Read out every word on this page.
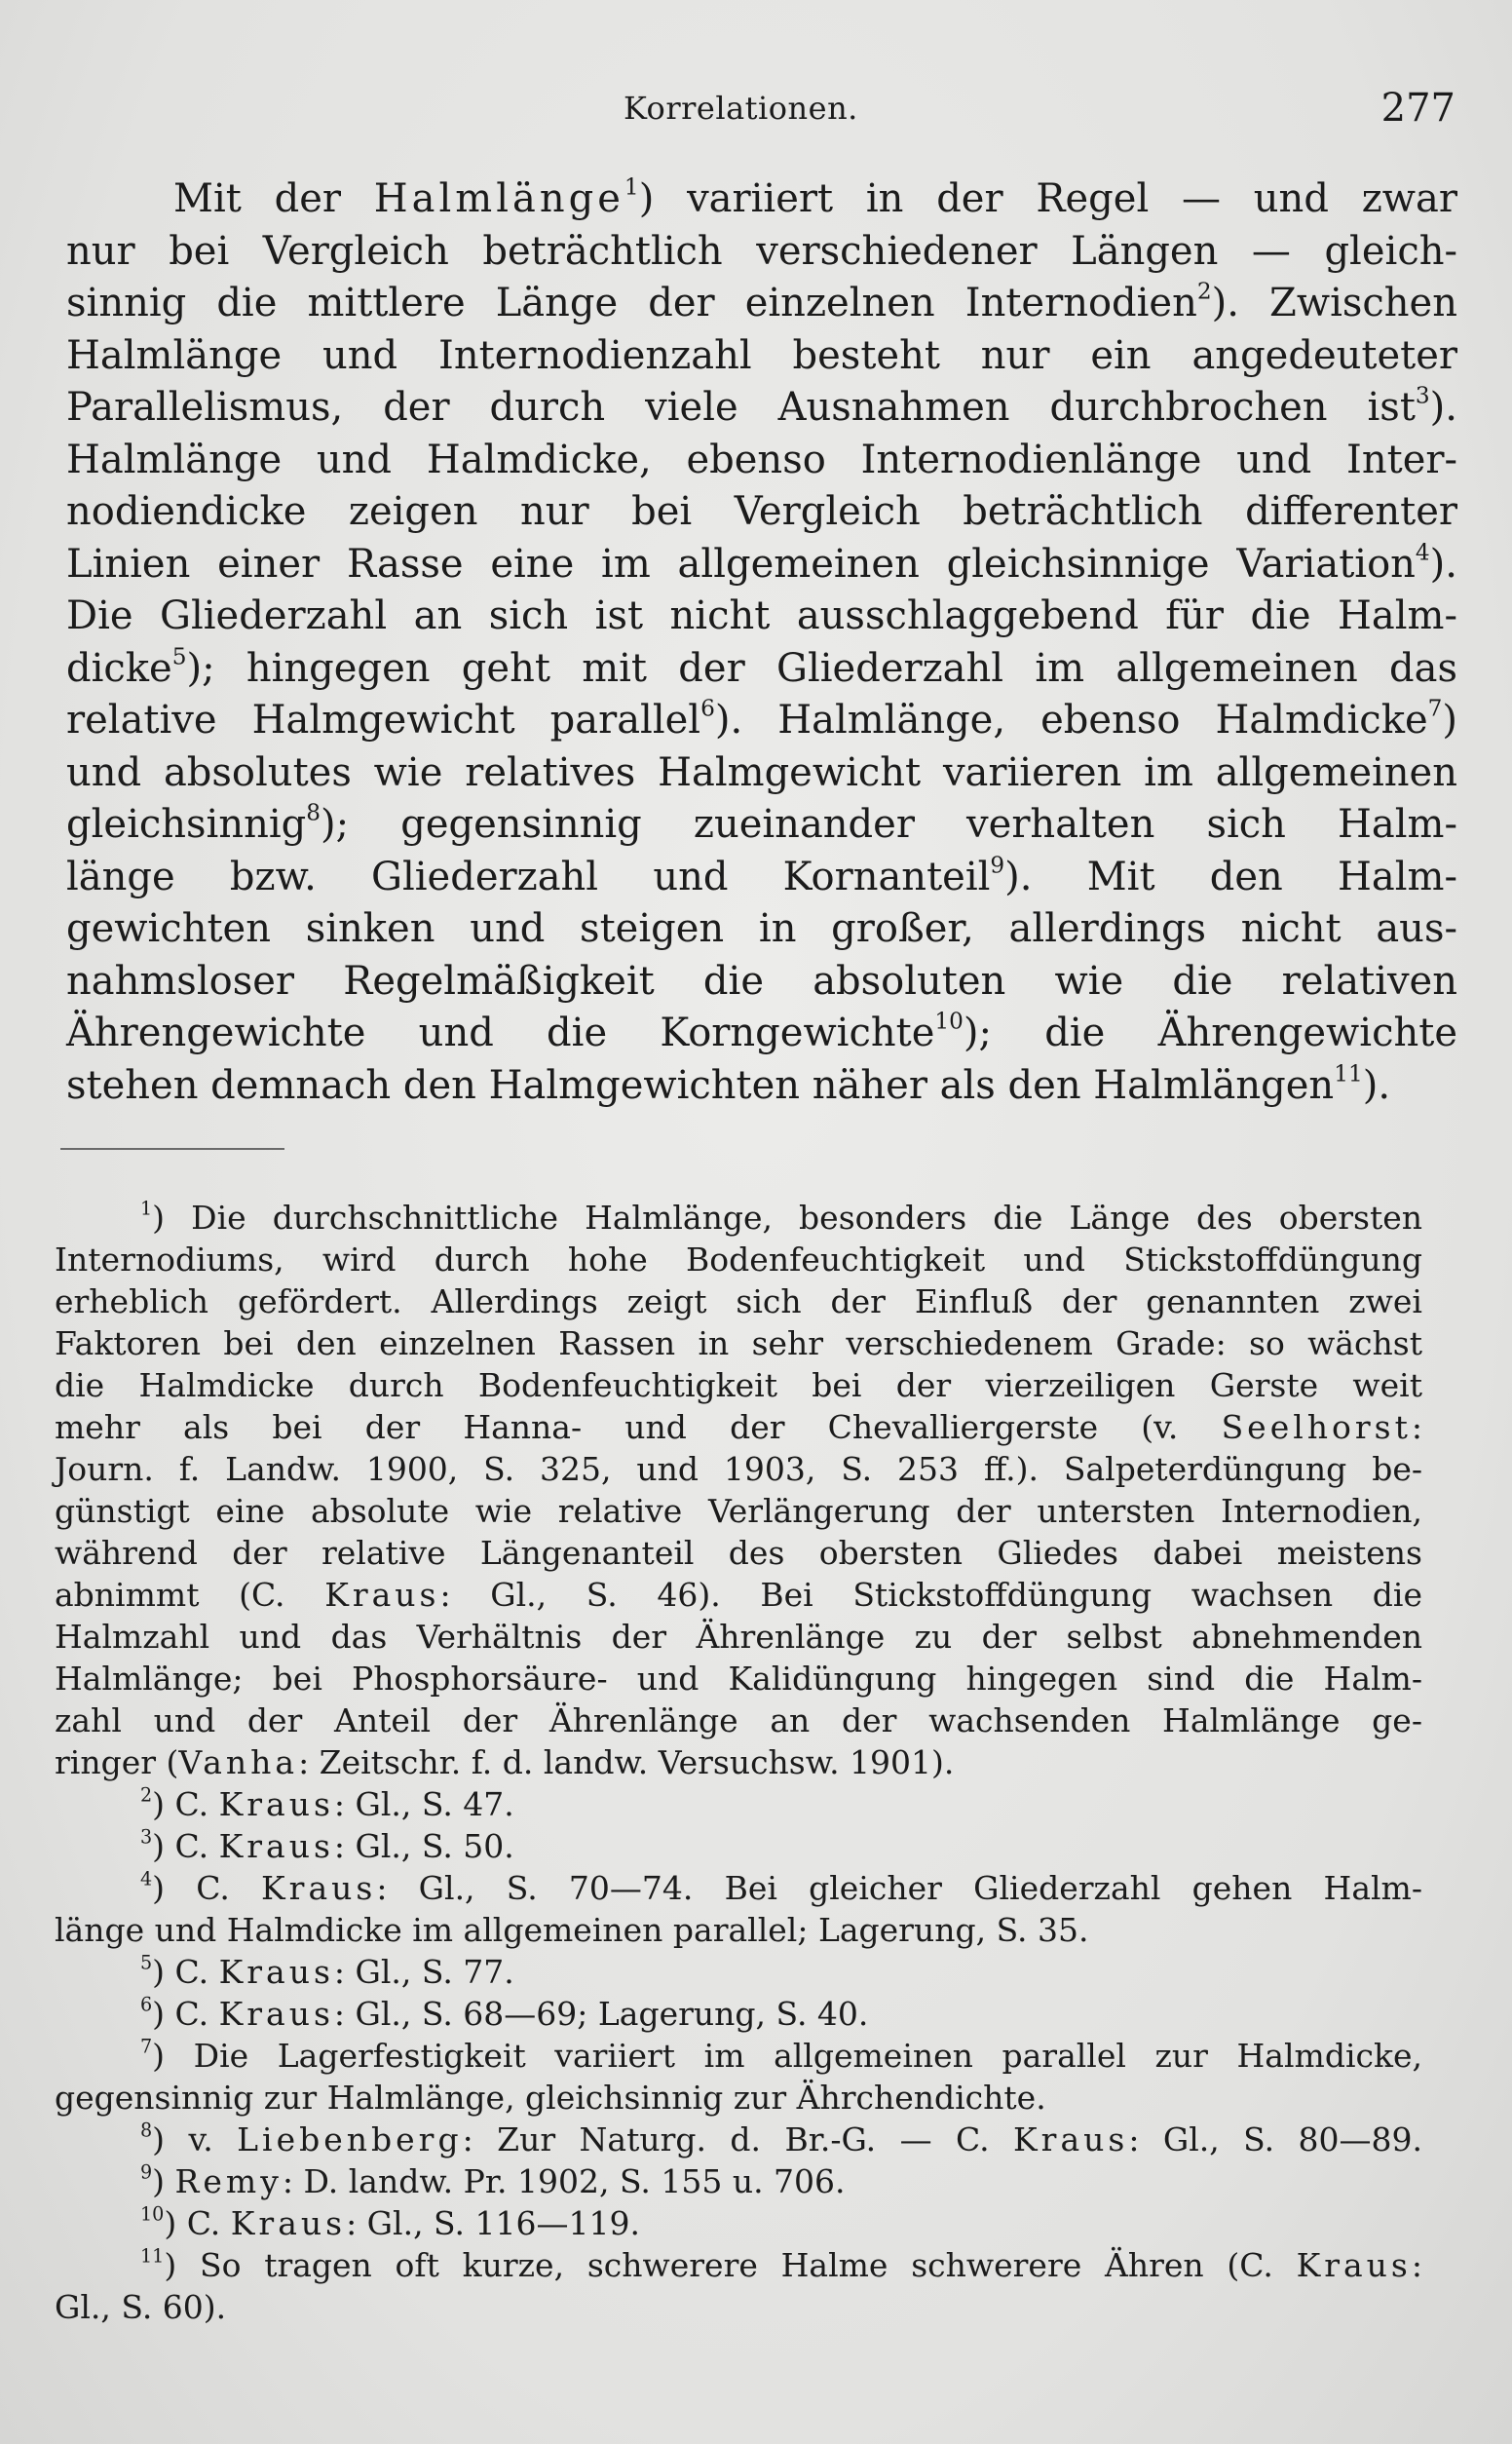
Korrelationen.	277
Mit der Halmlänge$^1$) variiert in der Regel — und zwar
nur bei Vergleich beträchtlich verschiedener Längen — gleich-
sinnig die mittlere Länge der einzelnen Internodien$^2$). Zwischen
Halmlänge und Internodienzahl besteht nur ein angedeuteter
Parallelismus, der durch viele Ausnahmen durchbrochen ist$^3$).
Halmlänge und Halmdicke, ebenso Internodienlänge und Inter-
nodiendicke zeigen nur bei Vergleich beträchtlich differenter
Linien einer Rasse eine im allgemeinen gleichsinnige Variation$^4$).
Die Gliederzahl an sich ist nicht ausschlaggebend für die Halm-
dicke$^5$); hingegen geht mit der Gliederzahl im allgemeinen das
relative Halmgewicht parallel$^6$). Halmlänge, ebenso Halmdicke$^7$)
und absolutes wie relatives Halmgewicht variieren im allgemeinen
gleichsinnig$^8$); gegensinnig zueinander verhalten sich Halm-
länge bzw. Gliederzahl und Kornanteil$^9$). Mit den Halm-
gewichten sinken und steigen in großer, allerdings nicht aus-
nahmsloser Regelmäßigkeit die absoluten wie die relativen
Ährengewichte und die Korngewichte$^{10}$); die Ährengewichte
stehen demnach den Halmgewichten näher als den Halmlängen$^{11}$).
$^1$) Die durchschnittliche Halmlänge, besonders die Länge des obersten
Internodiums, wird durch hohe Bodenfeuchtigkeit und Stickstoffdüngung
erheblich gefördert. Allerdings zeigt sich der Einfluß der genannten zwei
Faktoren bei den einzelnen Rassen in sehr verschiedenem Grade: so wächst
die Halmdicke durch Bodenfeuchtigkeit bei der vierzeiligen Gerste weit
mehr als bei der Hanna- und der Chevalliergerste (v. Seelhorst:
Journ. f. Landw. 1900, S. 325, und 1903, S. 253 ff.). Salpeterdüngung be-
günstigt eine absolute wie relative Verlängerung der untersten Internodien,
während der relative Längenanteil des obersten Gliedes dabei meistens
abnimmt (C. Kraus: Gl., S. 46). Bei Stickstoffdüngung wachsen die
Halmzahl und das Verhältnis der Ährenlänge zu der selbst abnehmenden
Halmlänge; bei Phosphorsäure- und Kalidüngung hingegen sind die Halm-
zahl und der Anteil der Ährenlänge an der wachsenden Halmlänge ge-
ringer (Vanha: Zeitschr. f. d. landw. Versuchsw. 1901).
$^2$) C. Kraus: Gl., S. 47.
$^3$) C. Kraus: Gl., S. 50.
$^4$) C. Kraus: Gl., S. 70—74. Bei gleicher Gliederzahl gehen Halm-
länge und Halmdicke im allgemeinen parallel; Lagerung, S. 35.
$^5$) C. Kraus: Gl., S. 77.
$^6$) C. Kraus: Gl., S. 68—69; Lagerung, S. 40.
$^7$) Die Lagerfestigkeit variiert im allgemeinen parallel zur Halmdicke,
gegensinnig zur Halmlänge, gleichsinnig zur Ährchendichte.
$^8$) v. Liebenberg: Zur Naturg. d. Br.-G. — C. Kraus: Gl., S. 80—89.
$^9$) Remy: D. landw. Pr. 1902, S. 155 u. 706.
$^{10}$) C. Kraus: Gl., S. 116—119.
$^{11}$) So tragen oft kurze, schwerere Halme schwerere Ähren (C. Kraus:
Gl., S. 60).
